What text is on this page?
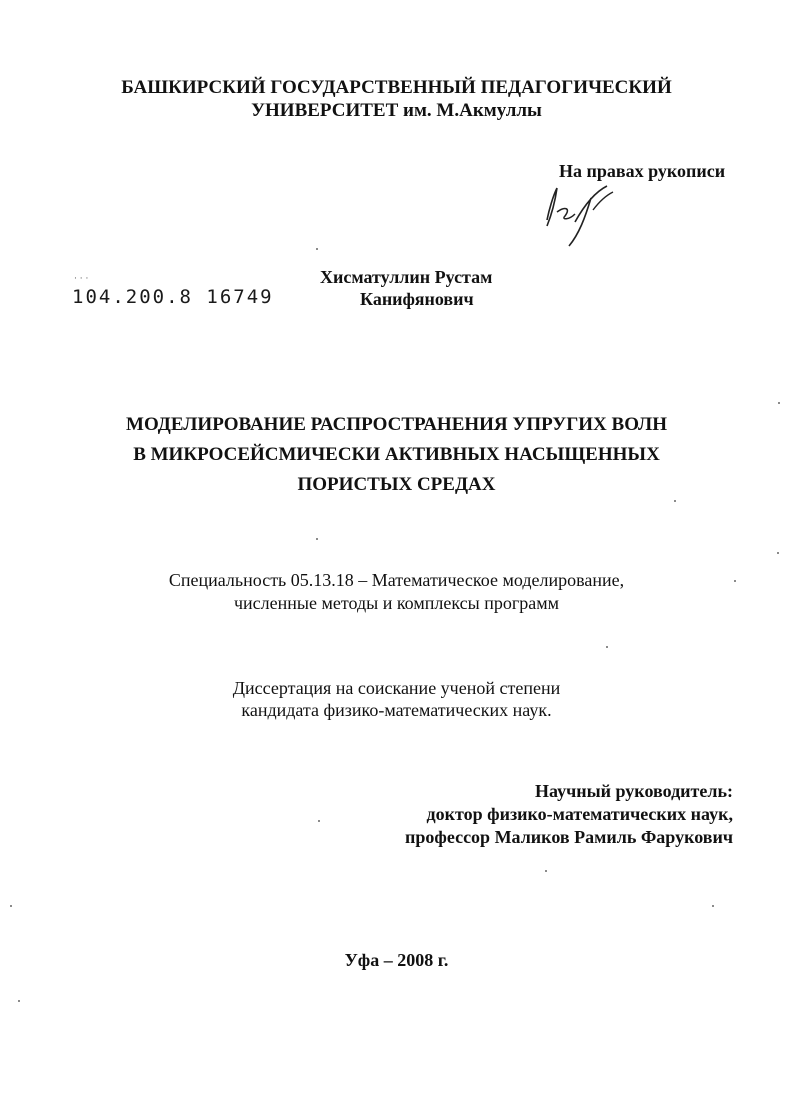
БАШКИРСКИЙ ГОСУДАРСТВЕННЫЙ ПЕДАГОГИЧЕСКИЙ
УНИВЕРСИТЕТ им. М.Акмуллы
На правах рукописи
· · ·
104.200.8 16749
Хисматуллин Рустам
Канифянович
МОДЕЛИРОВАНИЕ РАСПРОСТРАНЕНИЯ УПРУГИХ ВОЛН
В МИКРОСЕЙСМИЧЕСКИ АКТИВНЫХ НАСЫЩЕННЫХ
ПОРИСТЫХ СРЕДАХ
Специальность 05.13.18 – Математическое моделирование,
численные методы и комплексы программ
Диссертация на соискание ученой степени
кандидата физико-математических наук.
Научный руководитель:
доктор физико-математических наук,
профессор Маликов Рамиль Фарукович
Уфа – 2008 г.
